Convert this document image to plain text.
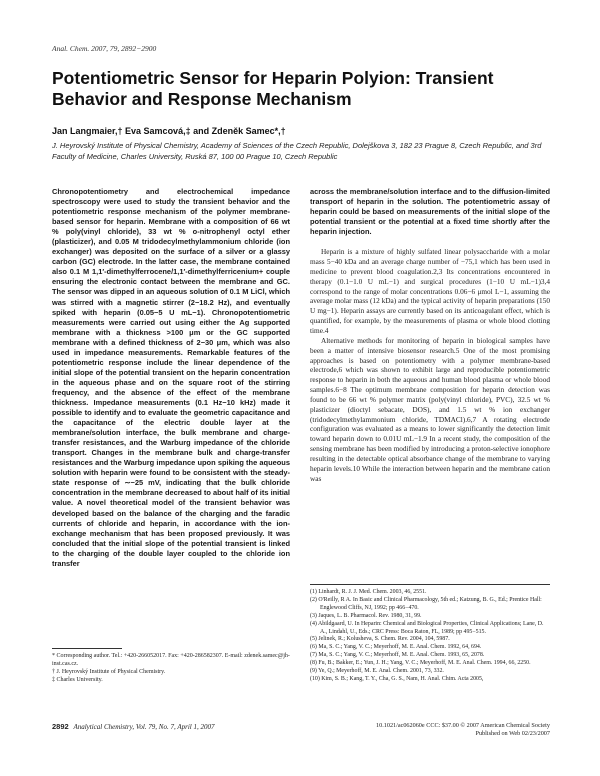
Anal. Chem. 2007, 79, 2892−2900
Potentiometric Sensor for Heparin Polyion: Transient Behavior and Response Mechanism
Jan Langmaier,† Eva Samcová,‡ and Zdeněk Samec*,†
J. Heyrovský Institute of Physical Chemistry, Academy of Sciences of the Czech Republic, Dolejškova 3, 182 23 Prague 8, Czech Republic, and 3rd Faculty of Medicine, Charles University, Ruská 87, 100 00 Prague 10, Czech Republic

Chronopotentiometry and electrochemical impedance spectroscopy were used to study the transient behavior and the potentiometric response mechanism of the polymer membrane-based sensor for heparin. Membrane with a composition of 66 wt % poly(vinyl chloride), 33 wt % o-nitrophenyl octyl ether (plasticizer), and 0.05 M tridodecylmethylammonium chloride (ion exchanger) was deposited on the surface of a silver or a glassy carbon (GC) electrode. In the latter case, the membrane contained also 0.1 M 1,1′-dimethylferrocene/1,1′-dimethylferricenium+ couple ensuring the electronic contact between the membrane and GC. The sensor was dipped in an aqueous solution of 0.1 M LiCl, which was stirred with a magnetic stirrer (2−18.2 Hz), and eventually spiked with heparin (0.05−5 U mL−1). Chronopotentiometric measurements were carried out using either the Ag supported membrane with a thickness >100 μm or the GC supported membrane with a defined thickness of 2−30 μm, which was also used in impedance measurements. Remarkable features of the potentiometric response include the linear dependence of the initial slope of the potential transient on the heparin concentration in the aqueous phase and on the square root of the stirring frequency, and the absence of the effect of the membrane thickness. Impedance measurements (0.1 Hz−10 kHz) made it possible to identify and to evaluate the geometric capacitance and the capacitance of the electric double layer at the membrane/solution interface, the bulk membrane and charge-transfer resistances, and the Warburg impedance of the chloride transport. Changes in the membrane bulk and charge-transfer resistances and the Warburg impedance upon spiking the aqueous solution with heparin were found to be consistent with the steady-state response of ∼−25 mV, indicating that the bulk chloride concentration in the membrane decreased to about half of its initial value. A novel theoretical model of the transient behavior was developed based on the balance of the charging and the faradic currents of chloride and heparin, in accordance with the ion-exchange mechanism that has been proposed previously. It was concluded that the initial slope of the potential transient is linked to the charging of the double layer coupled to the chloride ion transfer

across the membrane/solution interface and to the diffusion-limited transport of heparin in the solution. The potentiometric assay of heparin could be based on measurements of the initial slope of the potential transient or the potential at a fixed time shortly after the heparin injection.

Heparin is a mixture of highly sulfated linear polysaccharide with a molar mass 5−40 kDa and an average charge number of −75,1 which has been used in medicine to prevent blood coagulation.2,3 Its concentrations encountered in therapy (0.1−1.0 U mL−1) and surgical procedures (1−10 U mL−1)3,4 correspond to the range of molar concentrations 0.06−6 μmol L−1, assuming the average molar mass (12 kDa) and the typical activity of heparin preparations (150 U mg−1). Heparin assays are currently based on its anticoagulant effect, which is quantified, for example, by the measurements of plasma or whole blood clotting time.4

Alternative methods for monitoring of heparin in biological samples have been a matter of intensive biosensor research.5 One of the most promising approaches is based on potentiometry with a polymer membrane-based electrode,6 which was shown to exhibit large and reproducible potentiometric response to heparin in both the aqueous and human blood plasma or whole blood samples.6−8 The optimum membrane composition for heparin detection was found to be 66 wt % polymer matrix (poly(vinyl chloride), PVC), 32.5 wt % plasticizer (dioctyl sebacate, DOS), and 1.5 wt % ion exchanger (tridodecylmethylammonium chloride, TDMACl).6,7 A rotating electrode configuration was evaluated as a means to lower significantly the detection limit toward heparin down to 0.01U mL−1.9 In a recent study, the composition of the sensing membrane has been modified by introducing a proton-selective ionophore resulting in the detectable optical absorbance change of the membrane to varying heparin levels.10 While the interaction between heparin and the membrane cation was

(1) Linhardt, R. J. J. Med. Chem. 2003, 46, 2551.
(2) O'Reilly, R A. In Basic and Clinical Pharmacology, 5th ed.; Katzung, B. G., Ed.; Prentice Hall: Englewood Cliffs, NJ, 1992; pp 466−470.
(3) Jaques, L. B. Pharmacol. Rev. 1980, 31, 99.
(4) Abildgaard, U. In Heparin: Chemical and Biological Properties, Clinical Applications; Lane, D. A., Lindahl, U., Eds.; CRC Press: Boca Raton, FL, 1989; pp 495−515.
(5) Jelinek, R.; Kolusheva, S. Chem. Rev. 2004, 104, 5987.
(6) Ma, S. C.; Yang, V. C.; Meyerhoff, M. E. Anal. Chem. 1992, 64, 694.
(7) Ma, S. C.; Yang, V. C.; Meyerhoff, M. E. Anal. Chem. 1993, 65, 2078.
(8) Fu, B.; Bakker, E.; Yun, J. H.; Yang, V. C.; Meyerhoff, M. E. Anal. Chem. 1994, 66, 2250.
(9) Ye, Q.; Meyerhoff, M. E. Anal. Chem. 2001, 73, 332.
(10) Kim, S. B.; Kang, T. Y., Cha, G. S., Nam, H. Anal. Chim. Acta 2005,
* Corresponding author. Tel.: +420-266052017. Fax: +420-286582307. E-mail: zdenek.samec@jh-inst.cas.cz.
† J. Heyrovský Institute of Physical Chemistry.
‡ Charles University.
2892 Analytical Chemistry, Vol. 79, No. 7, April 1, 2007	10.1021/ac062060e CCC: $37.00 © 2007 American Chemical Society
Published on Web 02/23/2007
